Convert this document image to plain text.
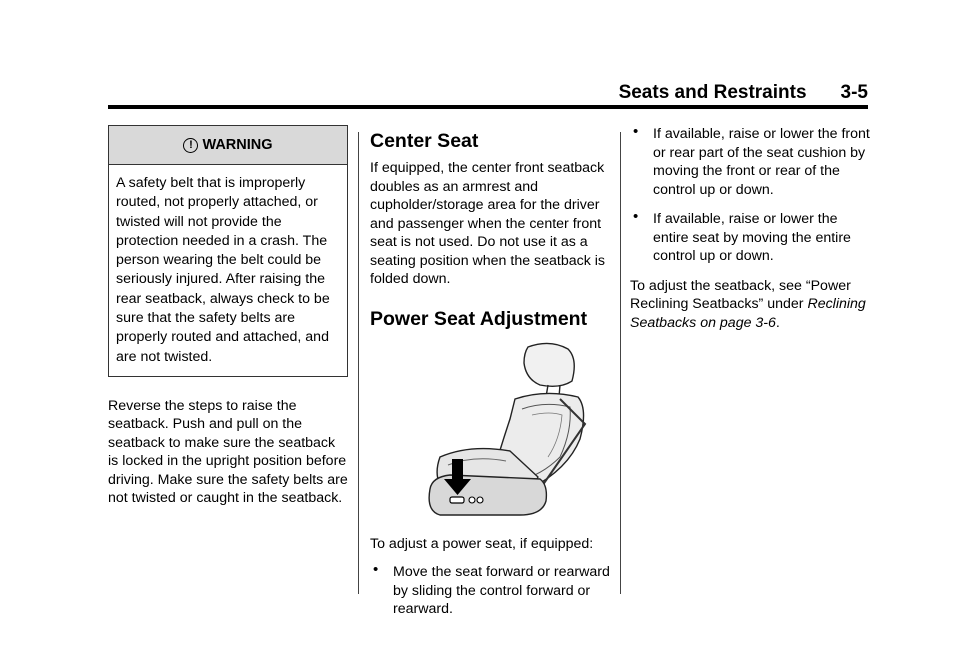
Seats and Restraints 3-5
! WARNING

A safety belt that is improperly routed, not properly attached, or twisted will not provide the protection needed in a crash. The person wearing the belt could be seriously injured. After raising the rear seatback, always check to be sure that the safety belts are properly routed and attached, and are not twisted.

Reverse the steps to raise the seatback. Push and pull on the seatback to make sure the seatback is locked in the upright position before driving. Make sure the safety belts are not twisted or caught in the seatback.

Center Seat

If equipped, the center front seatback doubles as an armrest and cupholder/storage area for the driver and passenger when the center front seat is not used. Do not use it as a seating position when the seatback is folded down.

Power Seat Adjustment

To adjust a power seat, if equipped:

• Move the seat forward or rearward by sliding the control forward or rearward.
• If available, raise or lower the front or rear part of the seat cushion by moving the front or rear of the control up or down.
• If available, raise or lower the entire seat by moving the entire control up or down.

To adjust the seatback, see “Power Reclining Seatbacks” under Reclining Seatbacks on page 3-6.
